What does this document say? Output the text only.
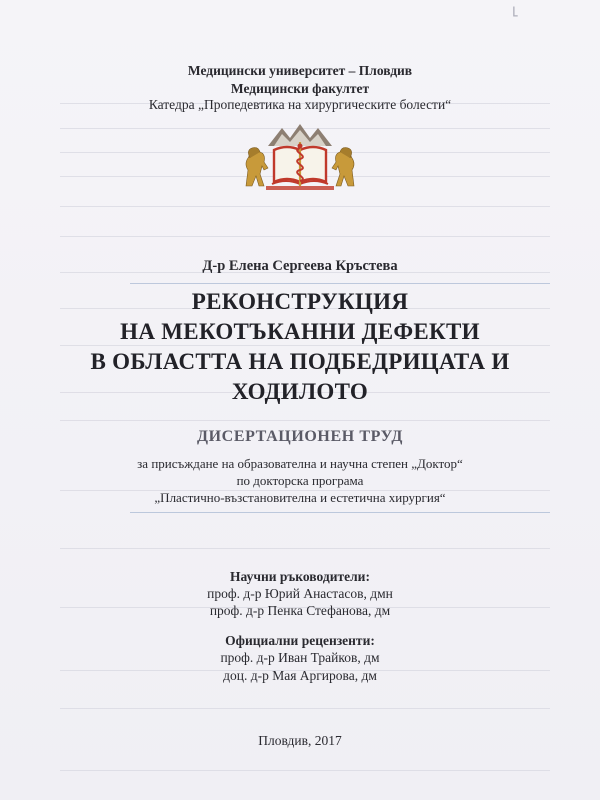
⌐
Медицински университет – Пловдив
Медицински факултет
Катедра „Пропедевтика на хирургическите болести“
Д-р Елена Сергеева Кръстева
РЕКОНСТРУКЦИЯ
НА МЕКОТЪКАННИ ДЕФЕКТИ
В ОБЛАСТТА НА ПОДБЕДРИЦАТА И
ХОДИЛОТО
ДИСЕРТАЦИОНЕН ТРУД
за присъждане на образователна и научна степен „Доктор“
по докторска програма
„Пластично-възстановителна и естетична хирургия“
Научни ръководители:
проф. д-р Юрий Анастасов, дмн
проф. д-р Пенка Стефанова, дм
Официални рецензенти:
проф. д-р Иван Трайков, дм
доц. д-р Мая Аргирова, дм
Пловдив, 2017
